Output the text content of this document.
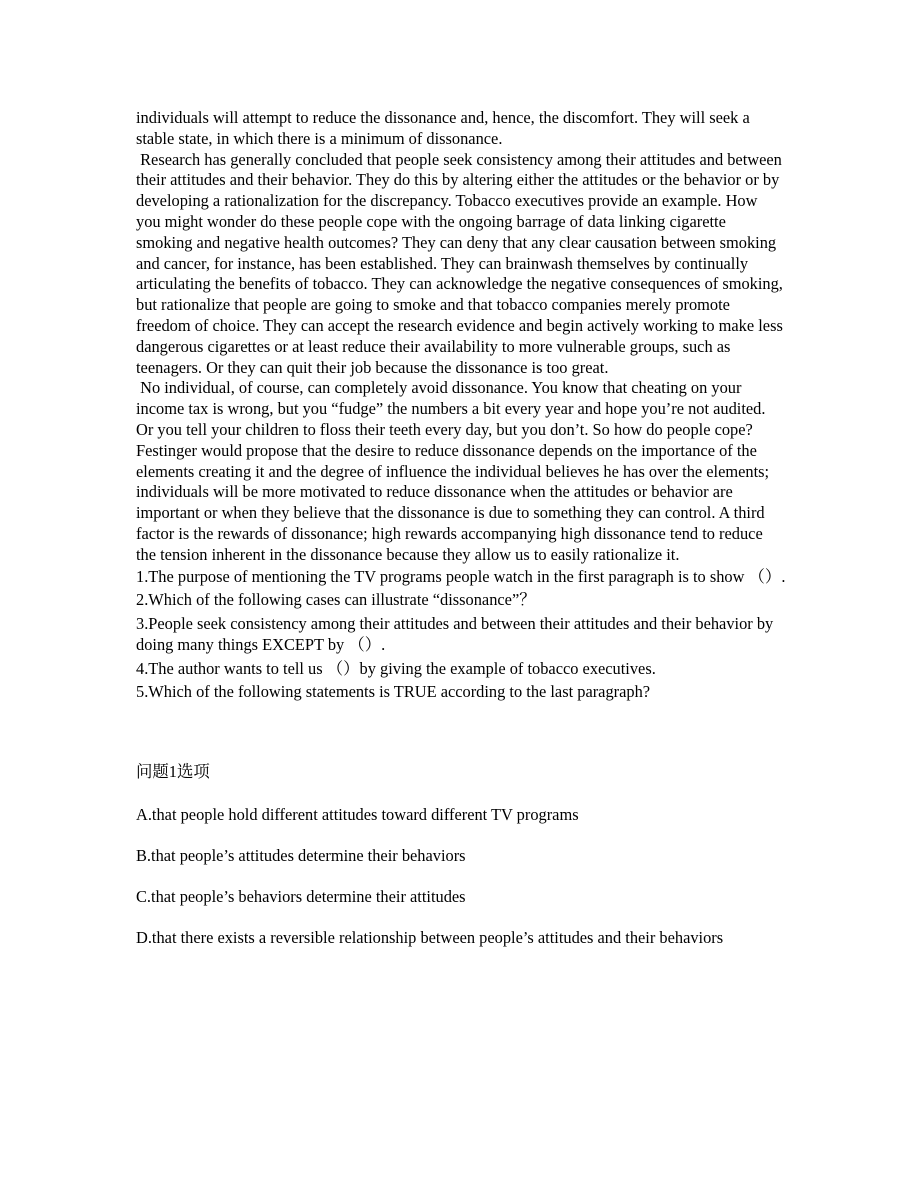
individuals will attempt to reduce the dissonance and, hence, the discomfort. They will seek a stable state, in which there is a minimum of dissonance.

Research has generally concluded that people seek consistency among their attitudes and between their attitudes and their behavior. They do this by altering either the attitudes or the behavior or by developing a rationalization for the discrepancy. Tobacco executives provide an example. How you might wonder do these people cope with the ongoing barrage of data linking cigarette smoking and negative health outcomes? They can deny that any clear causation between smoking and cancer, for instance, has been established. They can brainwash themselves by continually articulating the benefits of tobacco. They can acknowledge the negative consequences of smoking, but rationalize that people are going to smoke and that tobacco companies merely promote freedom of choice. They can accept the research evidence and begin actively working to make less dangerous cigarettes or at least reduce their availability to more vulnerable groups, such as teenagers. Or they can quit their job because the dissonance is too great.

No individual, of course, can completely avoid dissonance. You know that cheating on your income tax is wrong, but you “fudge” the numbers a bit every year and hope you’re not audited. Or you tell your children to floss their teeth every day, but you don’t. So how do people cope? Festinger would propose that the desire to reduce dissonance depends on the importance of the elements creating it and the degree of influence the individual believes he has over the elements; individuals will be more motivated to reduce dissonance when the attitudes or behavior are important or when they believe that the dissonance is due to something they can control. A third factor is the rewards of dissonance; high rewards accompanying high dissonance tend to reduce the tension inherent in the dissonance because they allow us to easily rationalize it.

1.The purpose of mentioning the TV programs people watch in the first paragraph is to show （）.

2.Which of the following cases can illustrate “dissonance”？

3.People seek consistency among their attitudes and between their attitudes and their behavior by doing many things EXCEPT by （）.

4.The author wants to tell us （）by giving the example of tobacco executives.

5.Which of the following statements is TRUE according to the last paragraph?

问题1选项
A.that people hold different attitudes toward different TV programs
B.that people’s attitudes determine their behaviors
C.that people’s behaviors determine their attitudes
D.that there exists a reversible relationship between people’s attitudes and their behaviors
